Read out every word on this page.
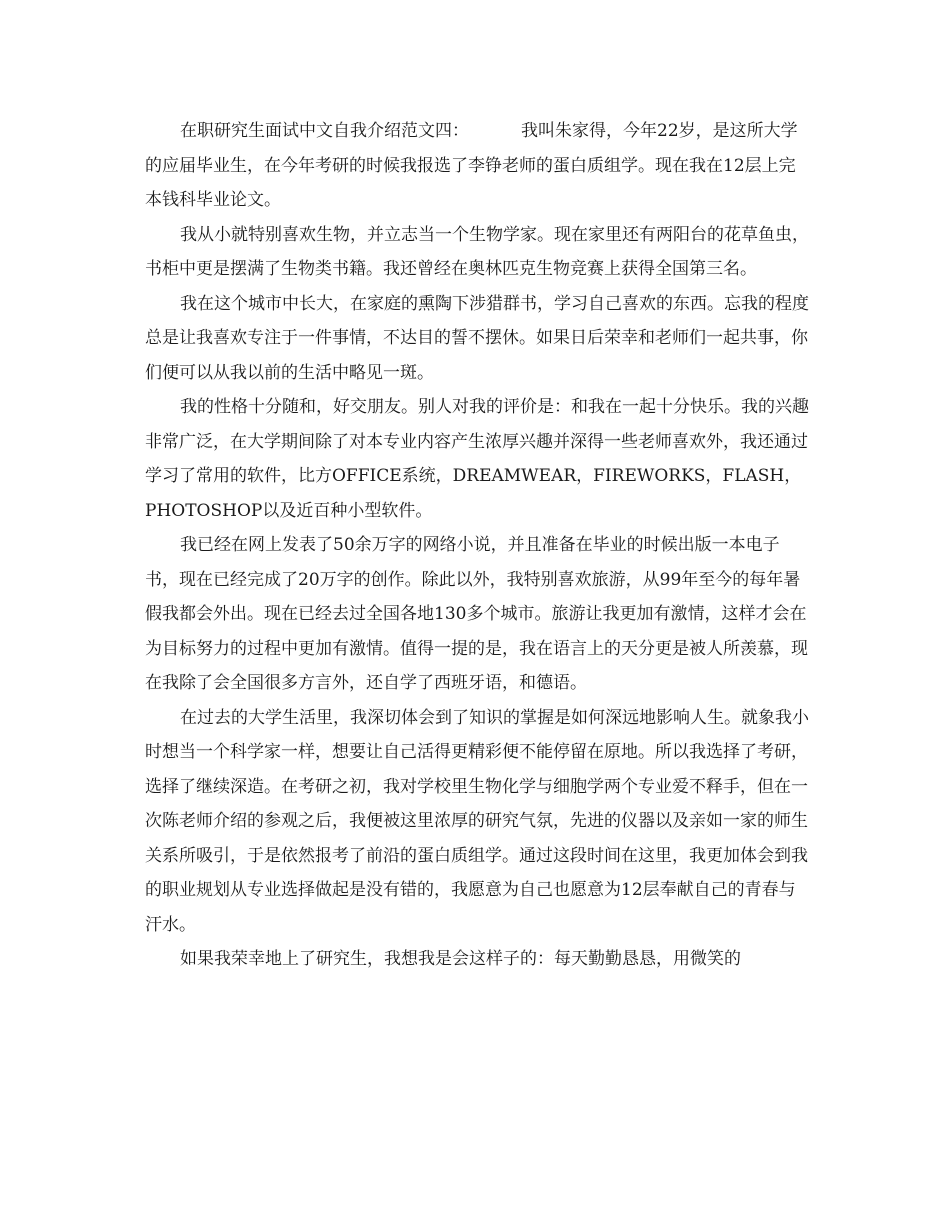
在职研究生面试中文自我介绍范文四：	我叫朱家得，今年22岁，是这所大学的应届毕业生，在今年考研的时候我报选了李铮老师的蛋白质组学。现在我在12层上完本钱科毕业论文。

我从小就特别喜欢生物，并立志当一个生物学家。现在家里还有两阳台的花草鱼虫，书柜中更是摆满了生物类书籍。我还曾经在奥林匹克生物竞赛上获得全国第三名。

我在这个城市中长大，在家庭的熏陶下涉猎群书，学习自己喜欢的东西。忘我的程度总是让我喜欢专注于一件事情，不达目的誓不摆休。如果日后荣幸和老师们一起共事，你们便可以从我以前的生活中略见一斑。

我的性格十分随和，好交朋友。别人对我的评价是：和我在一起十分快乐。我的兴趣非常广泛，在大学期间除了对本专业内容产生浓厚兴趣并深得一些老师喜欢外，我还通过学习了常用的软件，比方OFFICE系统，DREAMWEAR，FIREWORKS，FLASH，PHOTOSHOP以及近百种小型软件。

我已经在网上发表了50余万字的网络小说，并且准备在毕业的时候出版一本电子书，现在已经完成了20万字的创作。除此以外，我特别喜欢旅游，从99年至今的每年暑假我都会外出。现在已经去过全国各地130多个城市。旅游让我更加有激情，这样才会在为目标努力的过程中更加有激情。值得一提的是，我在语言上的天分更是被人所羡慕，现在我除了会全国很多方言外，还自学了西班牙语，和德语。

在过去的大学生活里，我深切体会到了知识的掌握是如何深远地影响人生。就象我小时想当一个科学家一样，想要让自己活得更精彩便不能停留在原地。所以我选择了考研，选择了继续深造。在考研之初，我对学校里生物化学与细胞学两个专业爱不释手，但在一次陈老师介绍的参观之后，我便被这里浓厚的研究气氛，先进的仪器以及亲如一家的师生关系所吸引，于是依然报考了前沿的蛋白质组学。通过这段时间在这里，我更加体会到我的职业规划从专业选择做起是没有错的，我愿意为自己也愿意为12层奉献自己的青春与汗水。

如果我荣幸地上了研究生，我想我是会这样子的：每天勤勤恳恳，用微笑的
